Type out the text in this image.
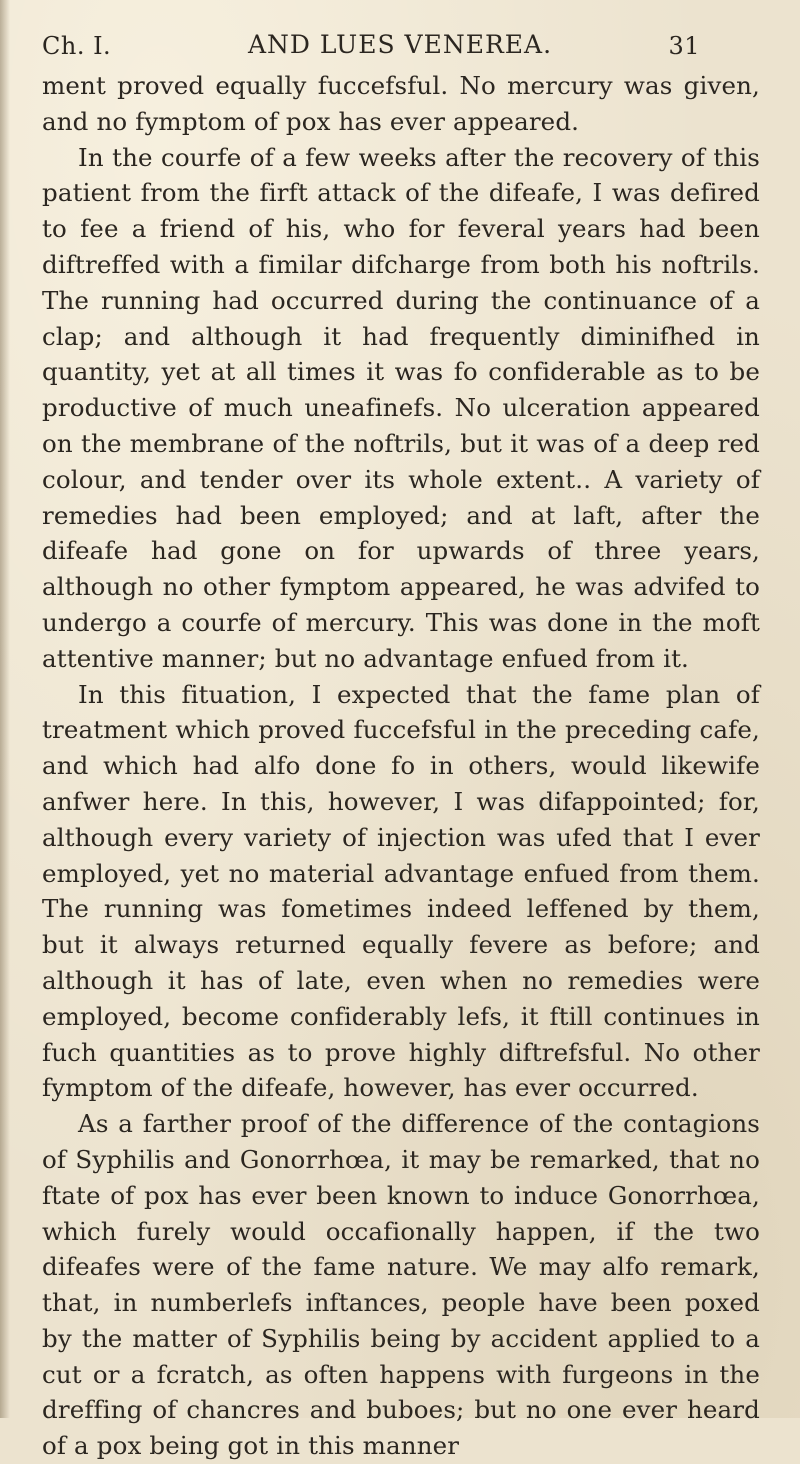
Ch. I.	AND LUES VENEREA.	31

ment proved equally fuccefsful. No mercury was given, and no fymptom of pox has ever appeared.

In the courfe of a few weeks after the recovery of this patient from the firft attack of the difeafe, I was defired to fee a friend of his, who for feveral years had been diftreffed with a fimilar difcharge from both his noftrils. The running had occurred during the continuance of a clap; and although it had frequently diminifhed in quantity, yet at all times it was fo confiderable as to be productive of much uneafinefs. No ulceration appeared on the membrane of the noftrils, but it was of a deep red colour, and tender over its whole extent.. A variety of remedies had been employed; and at laft, after the difeafe had gone on for upwards of three years, although no other fymptom appeared, he was advifed to undergo a courfe of mercury. This was done in the moft attentive manner; but no advantage enfued from it.

In this fituation, I expected that the fame plan of treatment which proved fuccefsful in the preceding cafe, and which had alfo done fo in others, would likewife anfwer here. In this, however, I was difappointed; for, although every variety of injection was ufed that I ever employed, yet no material advantage enfued from them. The running was fometimes indeed leffened by them, but it always returned equally fevere as before; and although it has of late, even when no remedies were employed, become confiderably lefs, it ftill continues in fuch quantities as to prove highly diftrefsful. No other fymptom of the difeafe, however, has ever occurred.

As a farther proof of the difference of the contagions of Syphilis and Gonorrhœa, it may be remarked, that no ftate of pox has ever been known to induce Gonorrhœa, which furely would occafionally happen, if the two difeafes were of the fame nature. We may alfo remark, that, in numberlefs inftances, people have been poxed by the matter of Syphilis being by accident applied to a cut or a fcratch, as often happens with furgeons in the dreffing of chancres and buboes; but no one ever heard of a pox being got in this manner
